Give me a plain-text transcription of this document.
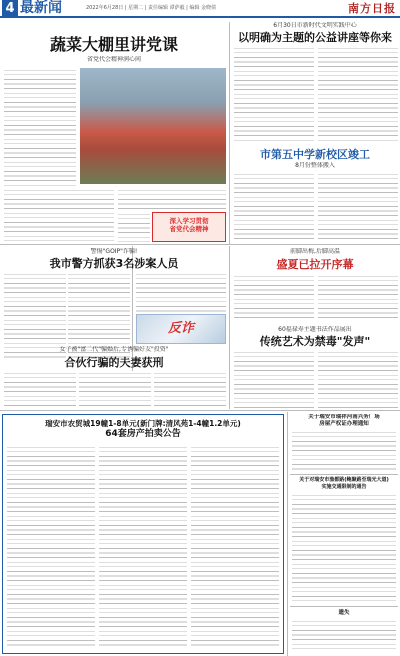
4 最新闻	2022年6月28日 | 星期二 | 责任编辑 谭萨毅 | 编辑 金晓倩	南方日报
蔬菜大棚里讲党课
省党代会精神润心间
深入学习贯彻
省党代会精神
6月30日市新时代文明实践中心
以明确为主题的公益讲座等你来
市第五中学新校区竣工
8月份整体搬入
警惕"GOIP"诈骗!
我市警方抓获3名涉案人员
反诈
女子被"富二代"骗婚后,专诱骗好友"投资"
合伙行骗的夫妻获刑
前脚出梅,后脚高温
盛夏已拉开序幕
60福禄寿主题书法作品展出
传统艺术为禁毒"发声"
瑞安市农贸城19幢1-8单元(新门牌:清风苑1-4幢1.2单元)
64套房产拍卖公告
关于瑞安市瑞祥河南兴务厂场
房屋产权证办理通知
关于对瑞安市渔都路(鲍聚路至瑞光大道)
实施交通限制的通告
遗失
